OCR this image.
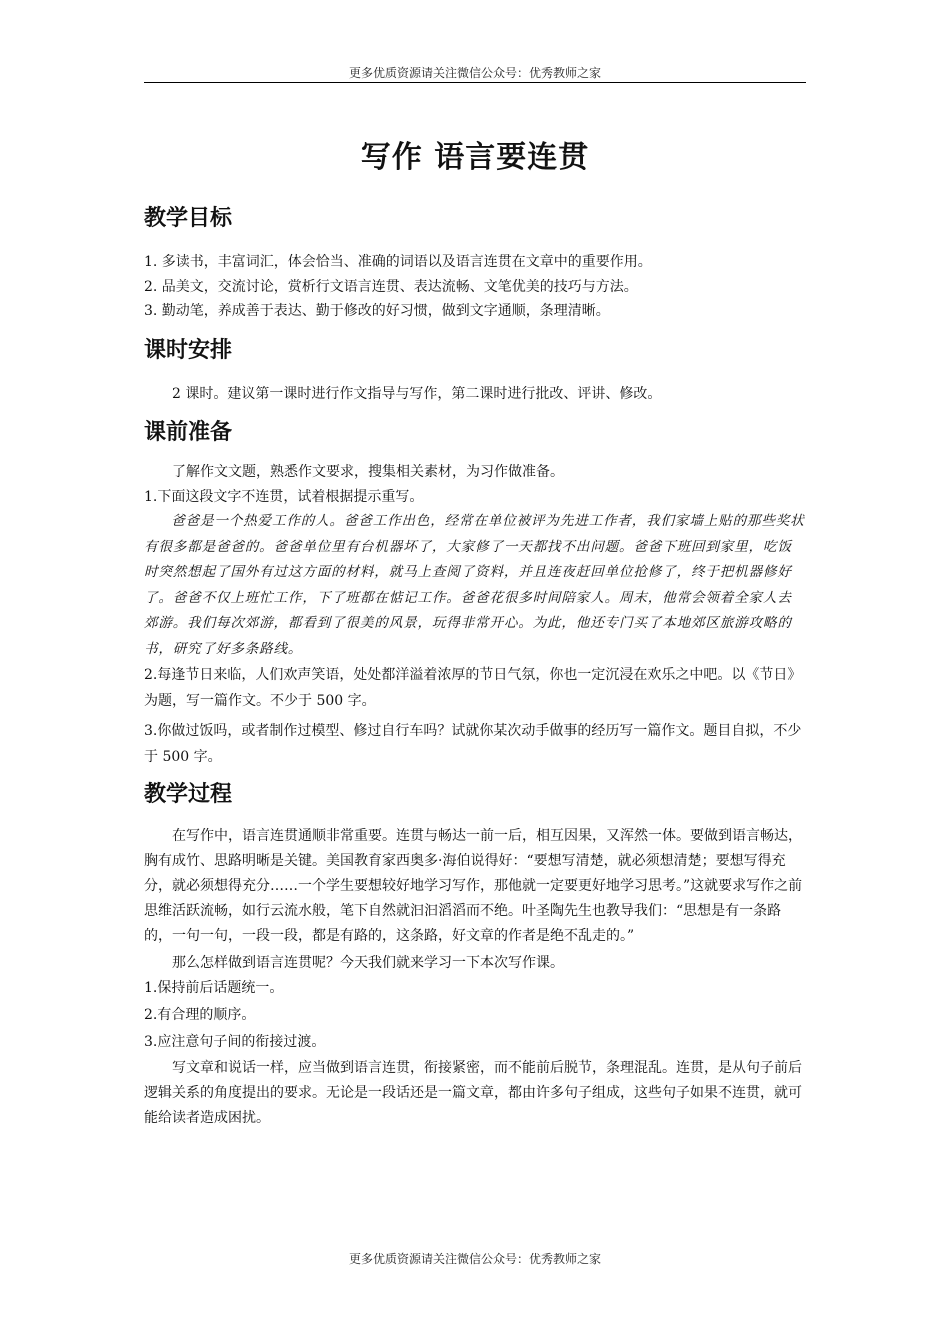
更多优质资源请关注微信公众号：优秀教师之家
写作 语言要连贯
教学目标

1. 多读书，丰富词汇，体会恰当、准确的词语以及语言连贯在文章中的重要作用。

2. 品美文，交流讨论，赏析行文语言连贯、表达流畅、文笔优美的技巧与方法。

3. 勤动笔，养成善于表达、勤于修改的好习惯，做到文字通顺，条理清晰。

课时安排

2 课时。建议第一课时进行作文指导与写作，第二课时进行批改、评讲、修改。

课前准备

了解作文文题，熟悉作文要求，搜集相关素材，为习作做准备。

1.下面这段文字不连贯，试着根据提示重写。

爸爸是一个热爱工作的人。爸爸工作出色，经常在单位被评为先进工作者，我们家墙上贴的那些奖状有很多都是爸爸的。爸爸单位里有台机器坏了，大家修了一天都找不出问题。爸爸下班回到家里，吃饭时突然想起了国外有过这方面的材料，就马上查阅了资料，并且连夜赶回单位抢修了，终于把机器修好了。爸爸不仅上班忙工作，下了班都在惦记工作。爸爸花很多时间陪家人。周末，他常会领着全家人去郊游。我们每次郊游，都看到了很美的风景，玩得非常开心。为此，他还专门买了本地郊区旅游攻略的书，研究了好多条路线。

2.每逢节日来临，人们欢声笑语，处处都洋溢着浓厚的节日气氛，你也一定沉浸在欢乐之中吧。以《节日》为题，写一篇作文。不少于 500 字。

3.你做过饭吗，或者制作过模型、修过自行车吗？试就你某次动手做事的经历写一篇作文。题目自拟，不少于 500 字。

教学过程

在写作中，语言连贯通顺非常重要。连贯与畅达一前一后，相互因果，又浑然一体。要做到语言畅达，胸有成竹、思路明晰是关键。美国教育家西奥多·海伯说得好：“要想写清楚，就必须想清楚；要想写得充分，就必须想得充分……一个学生要想较好地学习写作，那他就一定要更好地学习思考。”这就要求写作之前思维活跃流畅，如行云流水般，笔下自然就汩汩滔滔而不绝。叶圣陶先生也教导我们：“思想是有一条路的，一句一句，一段一段，都是有路的，这条路，好文章的作者是绝不乱走的。”

那么怎样做到语言连贯呢？今天我们就来学习一下本次写作课。

1.保持前后话题统一。

2.有合理的顺序。

3.应注意句子间的衔接过渡。

写文章和说话一样，应当做到语言连贯，衔接紧密，而不能前后脱节，条理混乱。连贯，是从句子前后逻辑关系的角度提出的要求。无论是一段话还是一篇文章，都由许多句子组成，这些句子如果不连贯，就可能给读者造成困扰。

更多优质资源请关注微信公众号：优秀教师之家
